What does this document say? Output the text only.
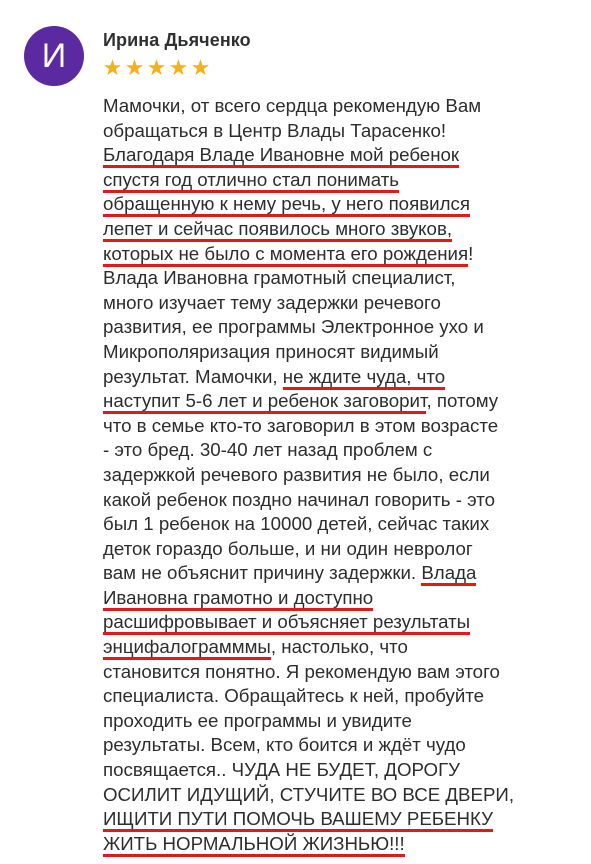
И	Ирина Дьяченко
★ ★ ★ ★ ★
Мамочки, от всего сердца рекомендую Вам
обращаться в Центр Влады Тарасенко!
Благодаря Владе Ивановне мой ребенок
спустя год отлично стал понимать
обращенную к нему речь, у него появился
лепет и сейчас появилось много звуков,
которых не было с момента его рождения!
Влада Ивановна грамотный специалист,
много изучает тему задержки речевого
развития, ее программы Электронное ухо и
Микрополяризация приносят видимый
результат. Мамочки, не ждите чуда, что
наступит 5-6 лет и ребенок заговорит, потому
что в семье кто-то заговорил в этом возрасте
- это бред. 30-40 лет назад проблем с
задержкой речевого развития не было, если
какой ребенок поздно начинал говорить - это
был 1 ребенок на 10000 детей, сейчас таких
деток гораздо больше, и ни один невролог
вам не объяснит причину задержки. Влада
Ивановна грамотно и доступно
расшифровывает и объясняет результаты
энцифалограмммы, настолько, что
становится понятно. Я рекомендую вам этого
специалиста. Обращайтесь к ней, пробуйте
проходить ее программы и увидите
результаты. Всем, кто боится и ждёт чудо
посвящается.. ЧУДА НЕ БУДЕТ, ДОРОГУ
ОСИЛИТ ИДУЩИЙ, СТУЧИТЕ ВО ВСЕ ДВЕРИ,
ИЩИТИ ПУТИ ПОМОЧЬ ВАШЕМУ РЕБЕНКУ
ЖИТЬ НОРМАЛЬНОЙ ЖИЗНЬЮ!!!
